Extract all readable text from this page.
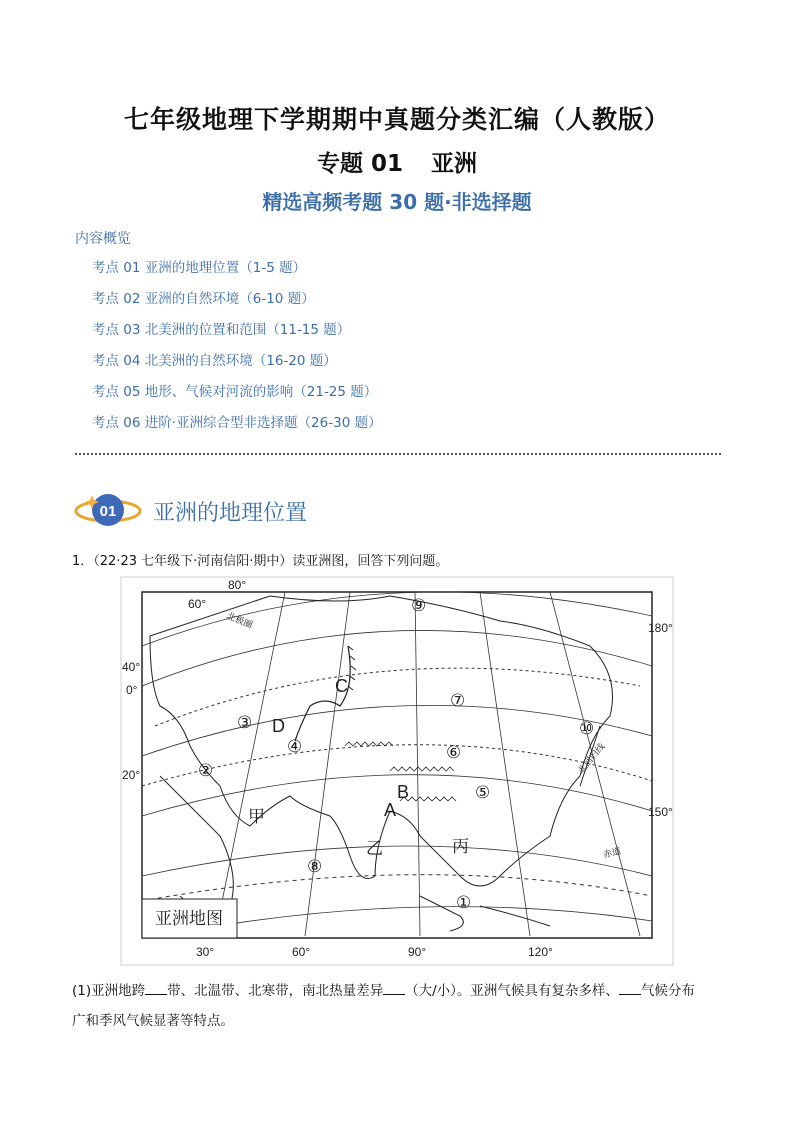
七年级地理下学期期中真题分类汇编（人教版）
专题 01 亚洲
精选高频考题 30 题·非选择题
内容概览
考点 01 亚洲的地理位置（1-5 题）
考点 02 亚洲的自然环境（6-10 题）
考点 03 北美洲的位置和范围（11-15 题）
考点 04 北美洲的自然环境（16-20 题）
考点 05 地形、气候对河流的影响（21-25 题）
考点 06 进阶·亚洲综合型非选择题（26-30 题）
01 亚洲的地理位置
1．（22·23 七年级下·河南信阳·期中）读亚洲图，回答下列问题。
60°
80°
30°	60°	90°	120°
40°
0°
20°
180°
150°
北极圈
北回归线
赤道
C
D
A
B
甲
乙	丙
①
②
③
④
⑤
⑥
⑦
⑧
⑨
⑩
亚洲地图
(1)亚洲地跨 带、北温带、北寒带，南北热量差异 （大/小）。亚洲气候具有复杂多样、 气候分布
广和季风气候显著等特点。
